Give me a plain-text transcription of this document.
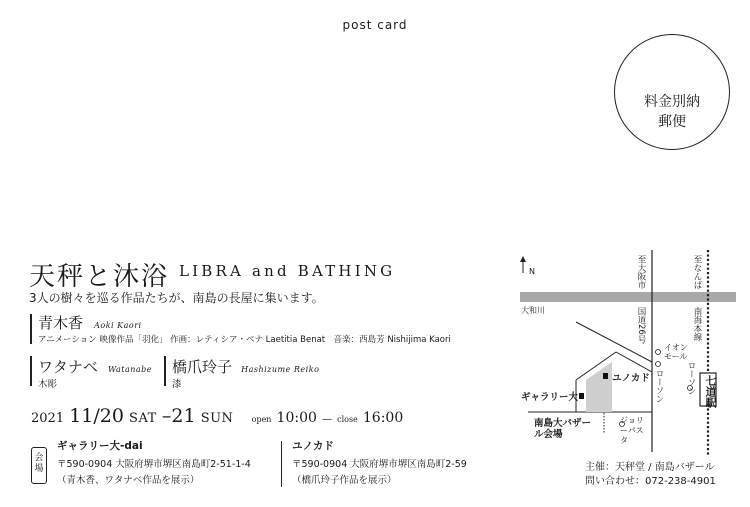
post card
料金別納
郵便
天秤と沐浴 LIBRA and BATHING
3人の樹々を巡る作品たちが、南島の長屋に集います。
青木香 Aoki Kaori
アニメーション 映像作品「羽化」 作画：レティシア・ベナ Laetitia Benat　音楽：西島芳 Nishijima Kaori
ワタナベ Watanabe
木彫
橋爪玲子 Hashizume Reiko
漆
2021 11/20 SAT –21 SUN open 10:00 — close 16:00
会場
ギャラリー大-dai
〒590-0904 大阪府堺市堺区南島町2-51-1-4
（青木香、ワタナベ作品を展示）
ユノカド
〒590-0904 大阪府堺市堺区南島町2-59
（橋爪玲子作品を展示）
N
大和川
至大阪市	至なんば
国道26号	南海本線
イオンモール
ローソン	ローソン 七道駅
ギャラリー大
ユノカド
南島大バザール会場
ジョリーパスタ
主催：天秤堂 / 南島バザール
問い合わせ：072-238-4901
